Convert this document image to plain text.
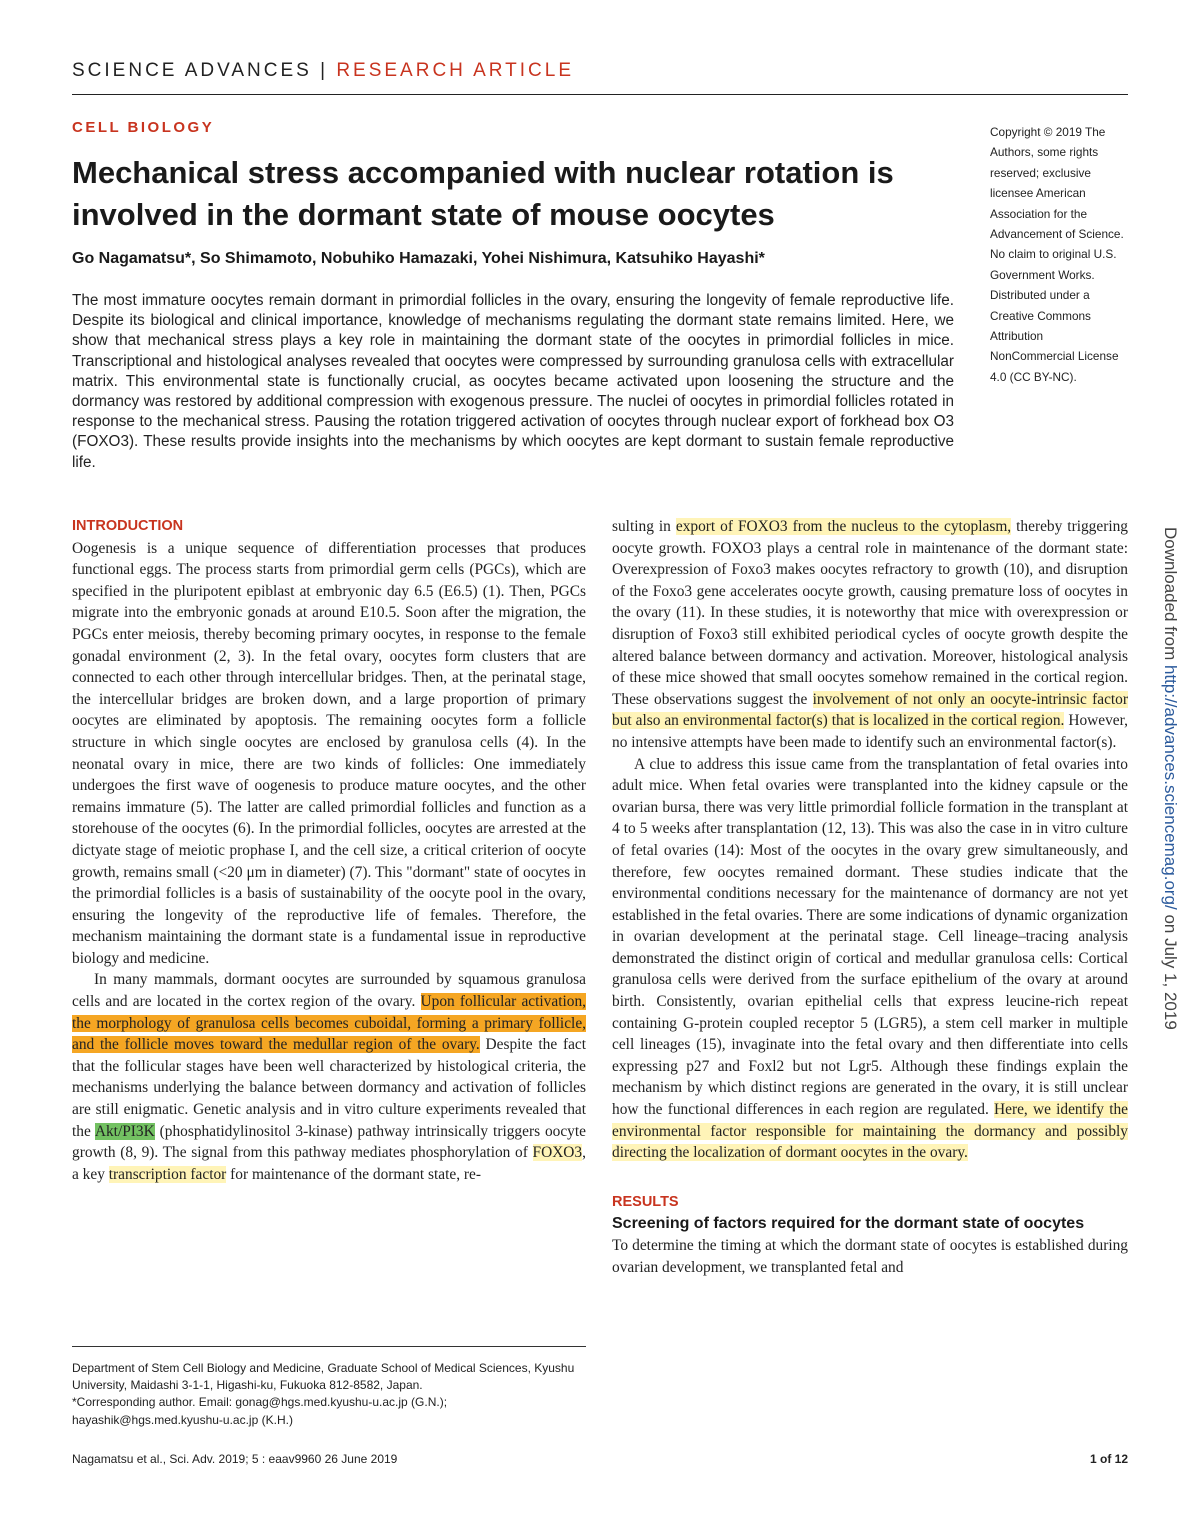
SCIENCE ADVANCES | RESEARCH ARTICLE
CELL BIOLOGY
Mechanical stress accompanied with nuclear rotation is involved in the dormant state of mouse oocytes
Go Nagamatsu*, So Shimamoto, Nobuhiko Hamazaki, Yohei Nishimura, Katsuhiko Hayashi*
The most immature oocytes remain dormant in primordial follicles in the ovary, ensuring the longevity of female reproductive life. Despite its biological and clinical importance, knowledge of mechanisms regulating the dormant state remains limited. Here, we show that mechanical stress plays a key role in maintaining the dormant state of the oocytes in primordial follicles in mice. Transcriptional and histological analyses revealed that oocytes were compressed by surrounding granulosa cells with extracellular matrix. This environmental state is functionally crucial, as oocytes became activated upon loosening the structure and the dormancy was restored by additional compression with exogenous pressure. The nuclei of oocytes in primordial follicles rotated in response to the mechanical stress. Pausing the rotation triggered activation of oocytes through nuclear export of forkhead box O3 (FOXO3). These results provide insights into the mechanisms by which oocytes are kept dormant to sustain female reproductive life.
Copyright © 2019 The Authors, some rights reserved; exclusive licensee American Association for the Advancement of Science. No claim to original U.S. Government Works. Distributed under a Creative Commons Attribution NonCommercial License 4.0 (CC BY-NC).
INTRODUCTION

Oogenesis is a unique sequence of differentiation processes that produces functional eggs. The process starts from primordial germ cells (PGCs), which are specified in the pluripotent epiblast at embryonic day 6.5 (E6.5) (1). Then, PGCs migrate into the embryonic gonads at around E10.5. Soon after the migration, the PGCs enter meiosis, thereby becoming primary oocytes, in response to the female gonadal environment (2, 3). In the fetal ovary, oocytes form clusters that are connected to each other through intercellular bridges. Then, at the perinatal stage, the intercellular bridges are broken down, and a large proportion of primary oocytes are eliminated by apoptosis. The remaining oocytes form a follicle structure in which single oocytes are enclosed by granulosa cells (4). In the neonatal ovary in mice, there are two kinds of follicles: One immediately undergoes the first wave of oogenesis to produce mature oocytes, and the other remains immature (5). The latter are called primordial follicles and function as a storehouse of the oocytes (6). In the primordial follicles, oocytes are arrested at the dictyate stage of meiotic prophase I, and the cell size, a critical criterion of oocyte growth, remains small (<20 μm in diameter) (7). This "dormant" state of oocytes in the primordial follicles is a basis of sustainability of the oocyte pool in the ovary, ensuring the longevity of the reproductive life of females. Therefore, the mechanism maintaining the dormant state is a fundamental issue in reproductive biology and medicine.

In many mammals, dormant oocytes are surrounded by squamous granulosa cells and are located in the cortex region of the ovary. Upon follicular activation, the morphology of granulosa cells becomes cuboidal, forming a primary follicle, and the follicle moves toward the medullar region of the ovary. Despite the fact that the follicular stages have been well characterized by histological criteria, the mechanisms underlying the balance between dormancy and activation of follicles are still enigmatic. Genetic analysis and in vitro culture experiments revealed that the Akt/PI3K (phosphatidylinositol 3-kinase) pathway intrinsically triggers oocyte growth (8, 9). The signal from this pathway mediates phosphorylation of FOXO3, a key transcription factor for maintenance of the dormant state, re-

sulting in export of FOXO3 from the nucleus to the cytoplasm, thereby triggering oocyte growth. FOXO3 plays a central role in maintenance of the dormant state: Overexpression of Foxo3 makes oocytes refractory to growth (10), and disruption of the Foxo3 gene accelerates oocyte growth, causing premature loss of oocytes in the ovary (11). In these studies, it is noteworthy that mice with overexpression or disruption of Foxo3 still exhibited periodical cycles of oocyte growth despite the altered balance between dormancy and activation. Moreover, histological analysis of these mice showed that small oocytes somehow remained in the cortical region. These observations suggest the involvement of not only an oocyte-intrinsic factor but also an environmental factor(s) that is localized in the cortical region. However, no intensive attempts have been made to identify such an environmental factor(s).

A clue to address this issue came from the transplantation of fetal ovaries into adult mice. When fetal ovaries were transplanted into the kidney capsule or the ovarian bursa, there was very little primordial follicle formation in the transplant at 4 to 5 weeks after transplantation (12, 13). This was also the case in in vitro culture of fetal ovaries (14): Most of the oocytes in the ovary grew simultaneously, and therefore, few oocytes remained dormant. These studies indicate that the environmental conditions necessary for the maintenance of dormancy are not yet established in the fetal ovaries. There are some indications of dynamic organization in ovarian development at the perinatal stage. Cell lineage–tracing analysis demonstrated the distinct origin of cortical and medullar granulosa cells: Cortical granulosa cells were derived from the surface epithelium of the ovary at around birth. Consistently, ovarian epithelial cells that express leucine-rich repeat containing G-protein coupled receptor 5 (LGR5), a stem cell marker in multiple cell lineages (15), invaginate into the fetal ovary and then differentiate into cells expressing p27 and Foxl2 but not Lgr5. Although these findings explain the mechanism by which distinct regions are generated in the ovary, it is still unclear how the functional differences in each region are regulated. Here, we identify the environmental factor responsible for maintaining the dormancy and possibly directing the localization of dormant oocytes in the ovary.

RESULTS
Screening of factors required for the dormant state of oocytes

To determine the timing at which the dormant state of oocytes is established during ovarian development, we transplanted fetal and

Department of Stem Cell Biology and Medicine, Graduate School of Medical Sciences, Kyushu University, Maidashi 3-1-1, Higashi-ku, Fukuoka 812-8582, Japan.
*Corresponding author. Email: gonag@hgs.med.kyushu-u.ac.jp (G.N.); hayashik@hgs.med.kyushu-u.ac.jp (K.H.)
Nagamatsu et al., Sci. Adv. 2019; 5 : eaav9960 26 June 2019	1 of 12
Downloaded from http://advances.sciencemag.org/ on July 1, 2019
